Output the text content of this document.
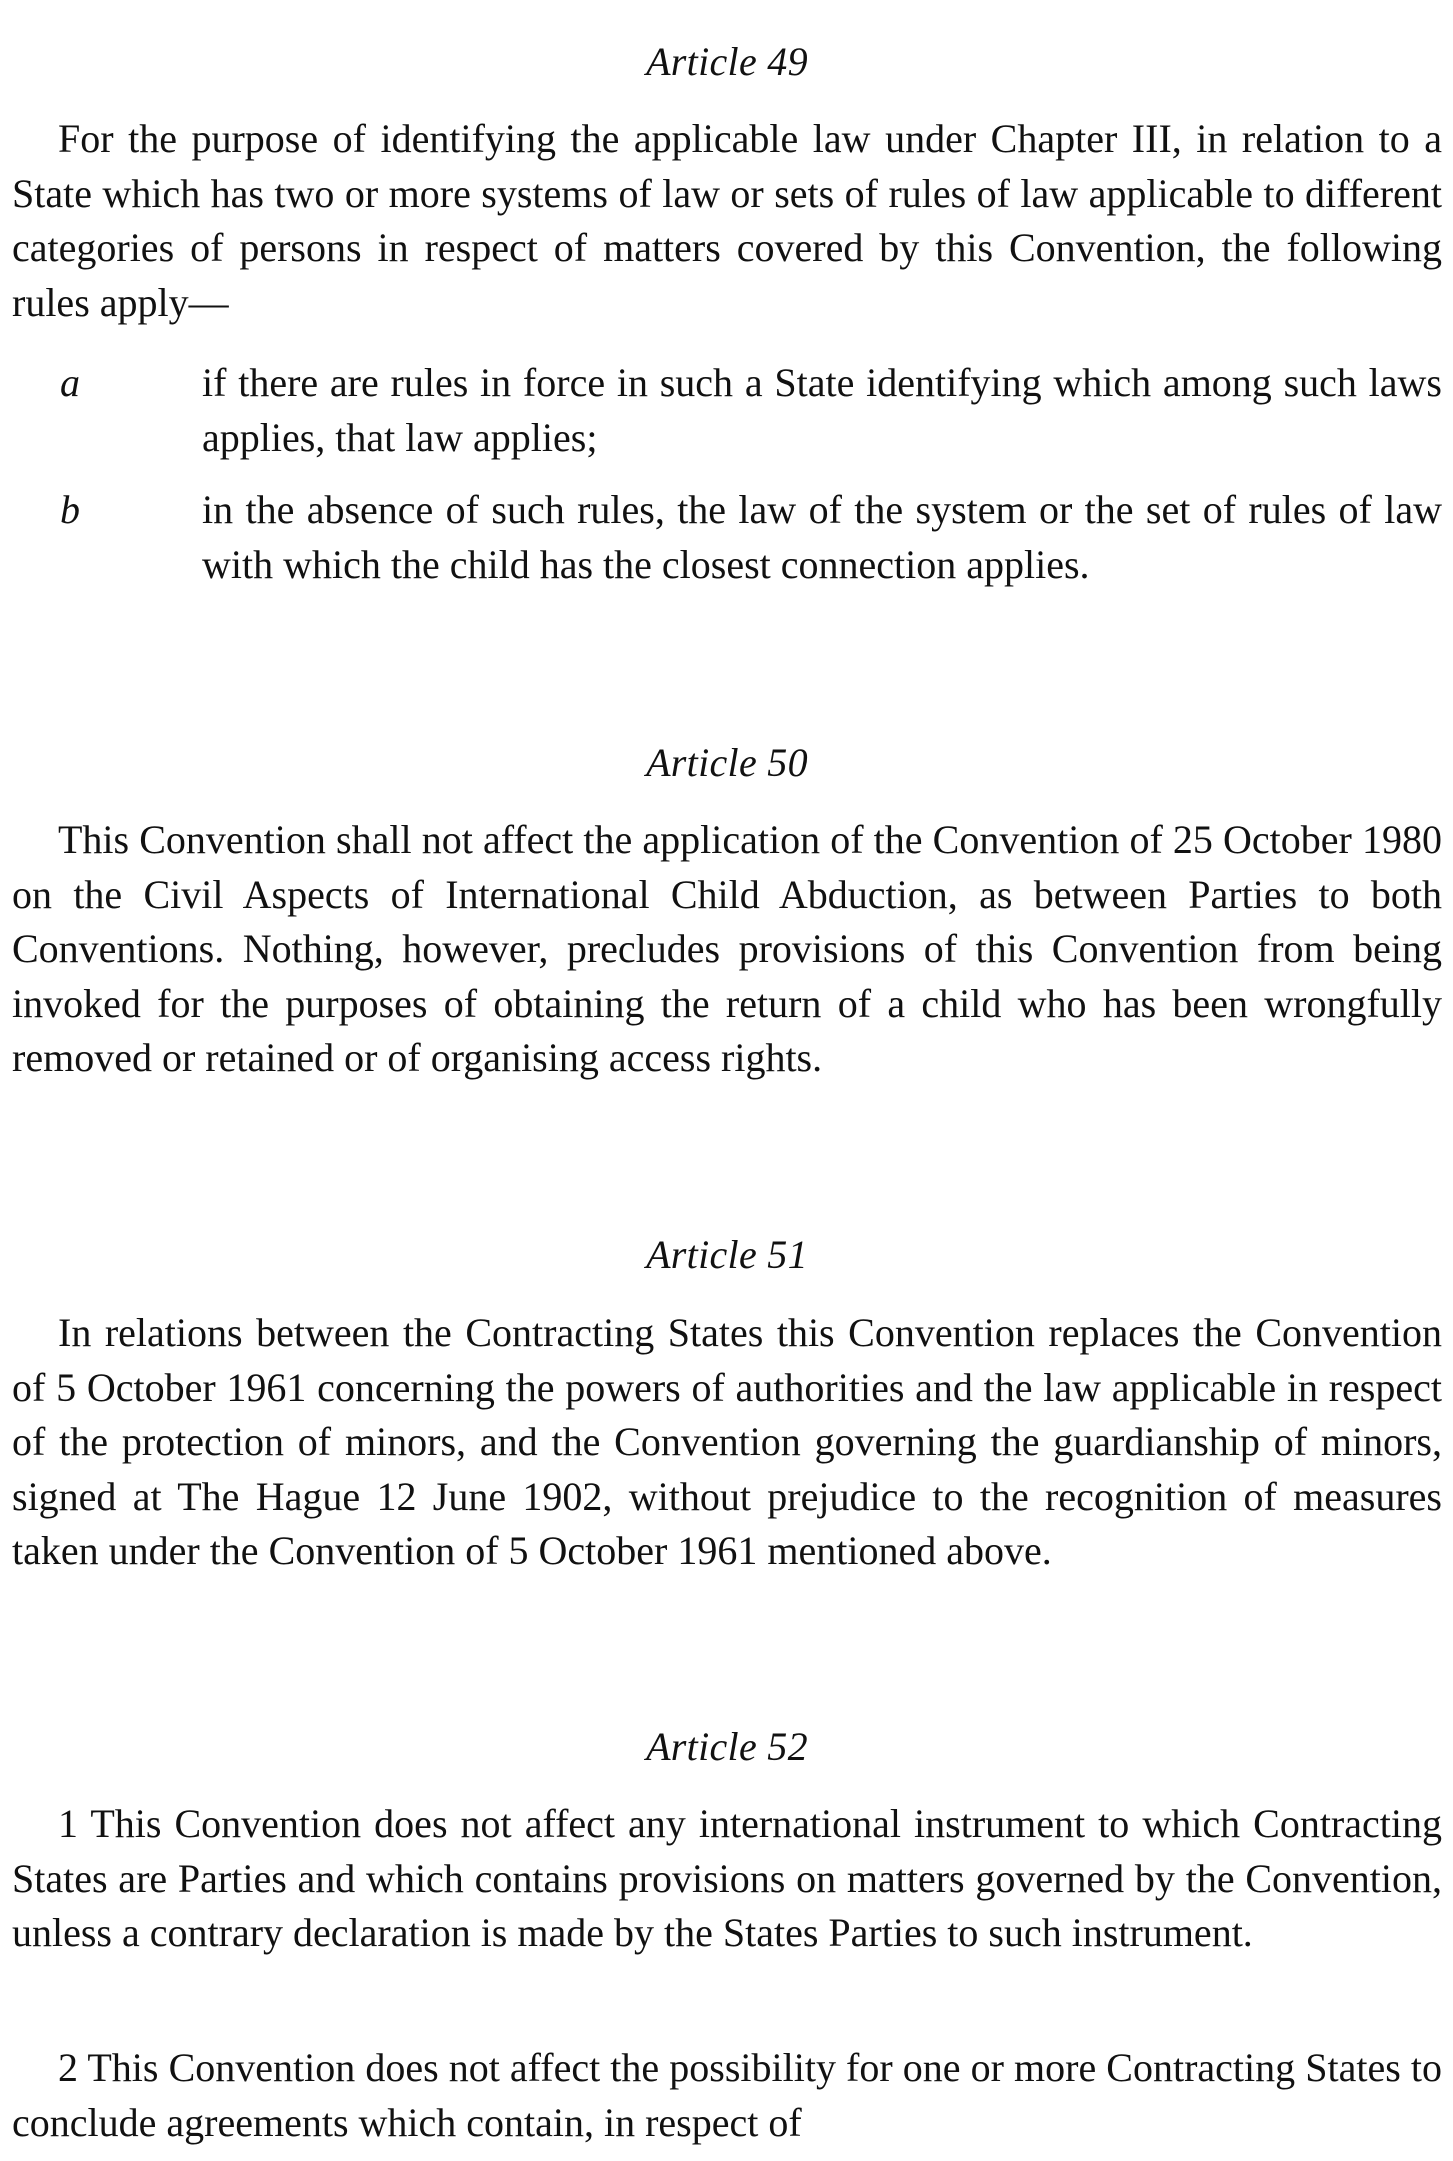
Article 49

For the purpose of identifying the applicable law under Chapter III, in relation to a State which has two or more systems of law or sets of rules of law applicable to different categories of persons in respect of matters covered by this Convention, the following rules apply—

a	if there are rules in force in such a State identifying which among such laws applies, that law applies;

b	in the absence of such rules, the law of the system or the set of rules of law with which the child has the closest connection applies.

Article 50

This Convention shall not affect the application of the Convention of 25 October 1980 on the Civil Aspects of International Child Abduction, as between Parties to both Conventions. Nothing, however, precludes provisions of this Convention from being invoked for the purposes of obtaining the return of a child who has been wrongfully removed or retained or of organising access rights.

Article 51

In relations between the Contracting States this Convention replaces the Convention of 5 October 1961 concerning the powers of authorities and the law applicable in respect of the protection of minors, and the Convention governing the guardianship of minors, signed at The Hague 12 June 1902, without prejudice to the recognition of measures taken under the Convention of 5 October 1961 mentioned above.

Article 52

1 This Convention does not affect any international instrument to which Contracting States are Parties and which contains provisions on matters governed by the Convention, unless a contrary declaration is made by the States Parties to such instrument.

2 This Convention does not affect the possibility for one or more Contracting States to conclude agreements which contain, in respect of
